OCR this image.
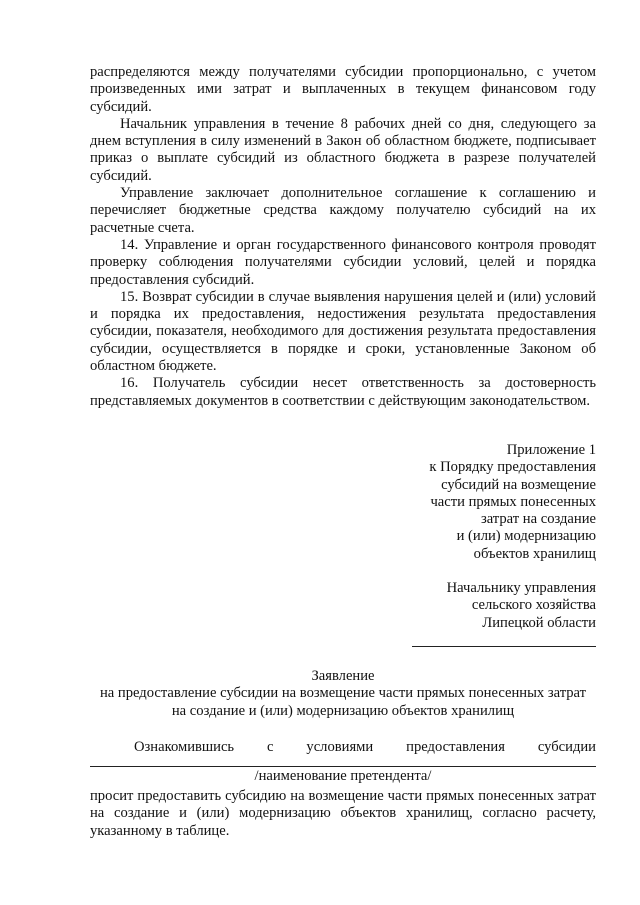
распределяются между получателями субсидии пропорционально, с учетом произведенных ими затрат и выплаченных в текущем финансовом году субсидий.

Начальник управления в течение 8 рабочих дней со дня, следующего за днем вступления в силу изменений в Закон об областном бюджете, подписывает приказ о выплате субсидий из областного бюджета в разрезе получателей субсидий.

Управление заключает дополнительное соглашение к соглашению и перечисляет бюджетные средства каждому получателю субсидий на их расчетные счета.

14. Управление и орган государственного финансового контроля проводят проверку соблюдения получателями субсидии условий, целей и порядка предоставления субсидий.

15. Возврат субсидии в случае выявления нарушения целей и (или) условий и порядка их предоставления, недостижения результата предоставления субсидии, показателя, необходимого для достижения результата предоставления субсидии, осуществляется в порядке и сроки, установленные Законом об областном бюджете.

16. Получатель субсидии несет ответственность за достоверность представляемых документов в соответствии с действующим законодательством.

Приложение 1
к Порядку предоставления
субсидий на возмещение
части прямых понесенных
затрат на создание
и (или) модернизацию
объектов хранилищ
Начальнику управления
сельского хозяйства
Липецкой области
Заявление
на предоставление субсидии на возмещение части прямых понесенных затрат
на создание и (или) модернизацию объектов хранилищ
Ознакомившись с условиями предоставления субсидии
/наименование претендента/

просит предоставить субсидию на возмещение части прямых понесенных затрат на создание и (или) модернизацию объектов хранилищ, согласно расчету, указанному в таблице.
